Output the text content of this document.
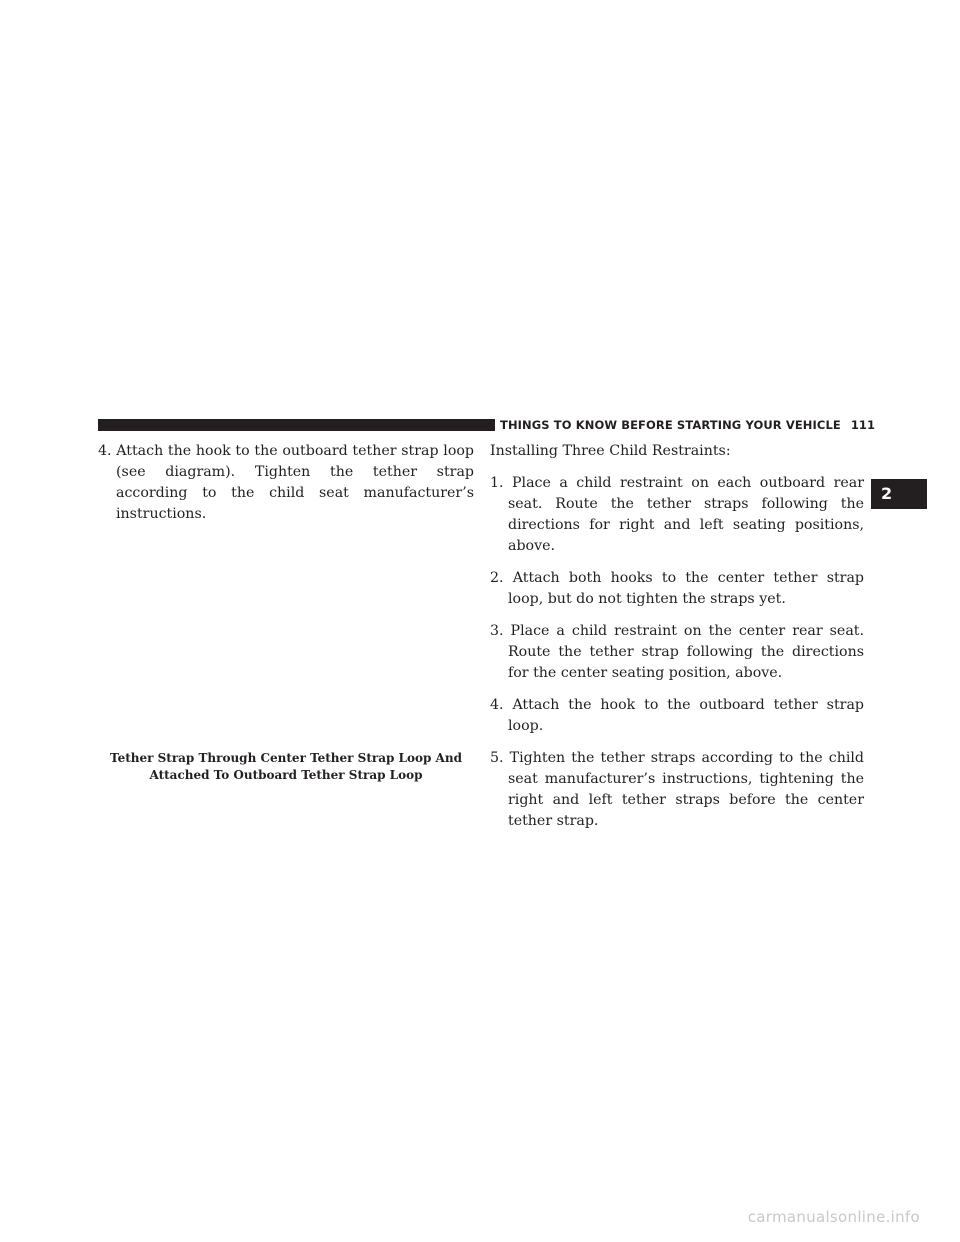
THINGS TO KNOW BEFORE STARTING YOUR VEHICLE 111
2

4. Attach the hook to the outboard tether strap loop (see diagram). Tighten the tether strap according to the child seat manufacturer’s instructions.

Tether Strap Through Center Tether Strap Loop And
Attached To Outboard Tether Strap Loop

Installing Three Child Restraints:

1. Place a child restraint on each outboard rear seat. Route the tether straps following the directions for right and left seating positions, above.

2. Attach both hooks to the center tether strap loop, but do not tighten the straps yet.

3. Place a child restraint on the center rear seat. Route the tether strap following the directions for the center seating position, above.

4. Attach the hook to the outboard tether strap loop.

5. Tighten the tether straps according to the child seat manufacturer’s instructions, tightening the right and left tether straps before the center tether strap.

carmanualsonline.info
